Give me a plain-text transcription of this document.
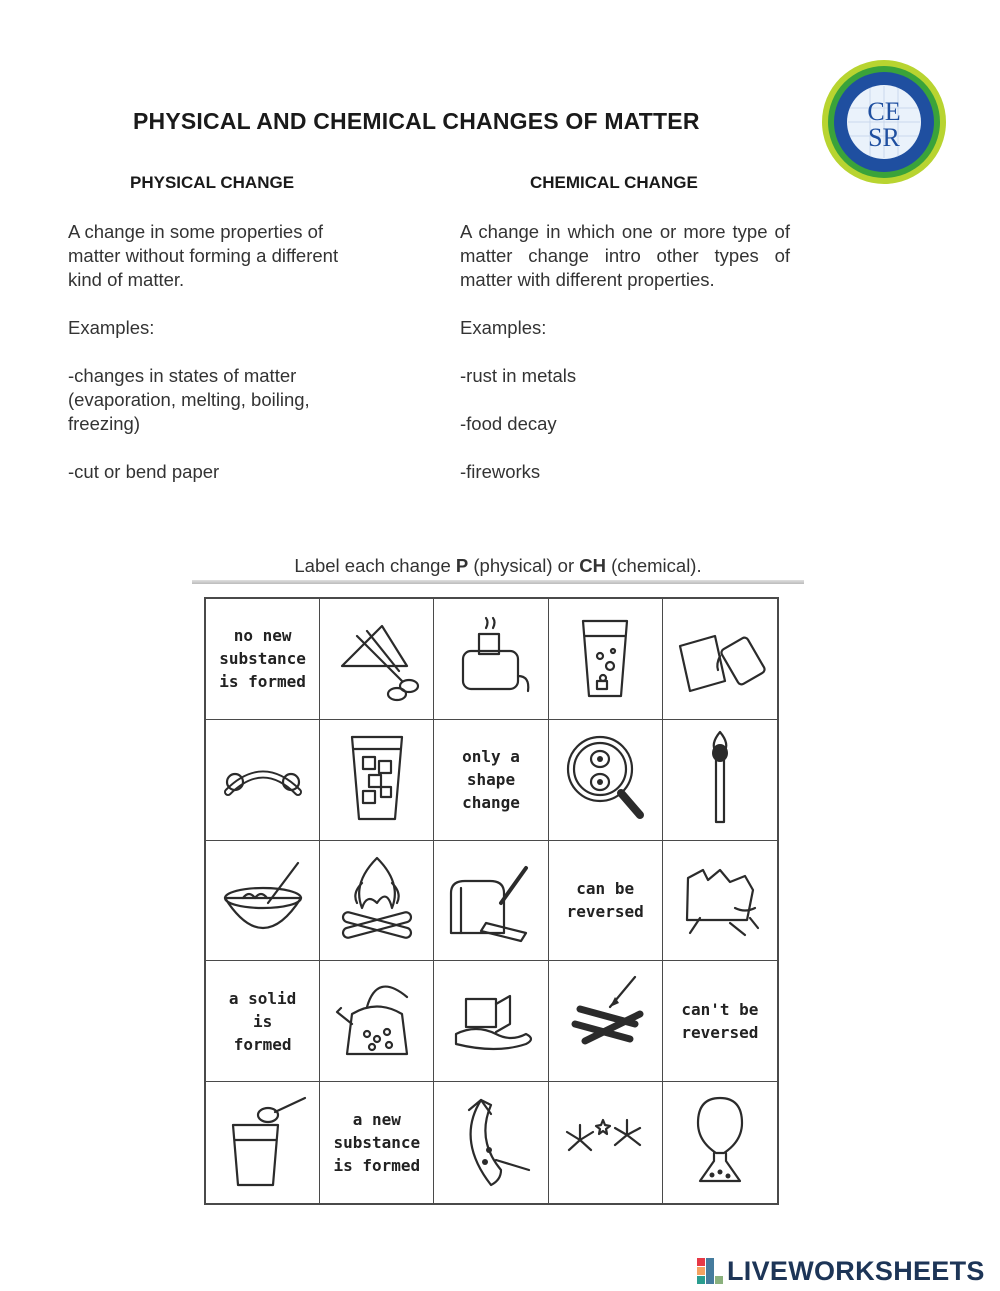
PHYSICAL AND CHEMICAL CHANGES OF MATTER	CE
SR
PHYSICAL CHANGE	CHEMICAL CHANGE

A change in some properties of matter without forming a different kind of matter.

Examples:

-changes in states of matter (evaporation, melting, boiling, freezing)

-cut or bend paper

A change in which one or more type of matter change intro other types of matter with different properties.

Examples:

-rust in metals

-food decay

-fireworks

Label each change P (physical) or CH (chemical).
no new
substance
is formed
only a
shape
change
can be
reversed
a solid
is
formed
can't be
reversed
a new
substance
is formed
LIVEWORKSHEETS
